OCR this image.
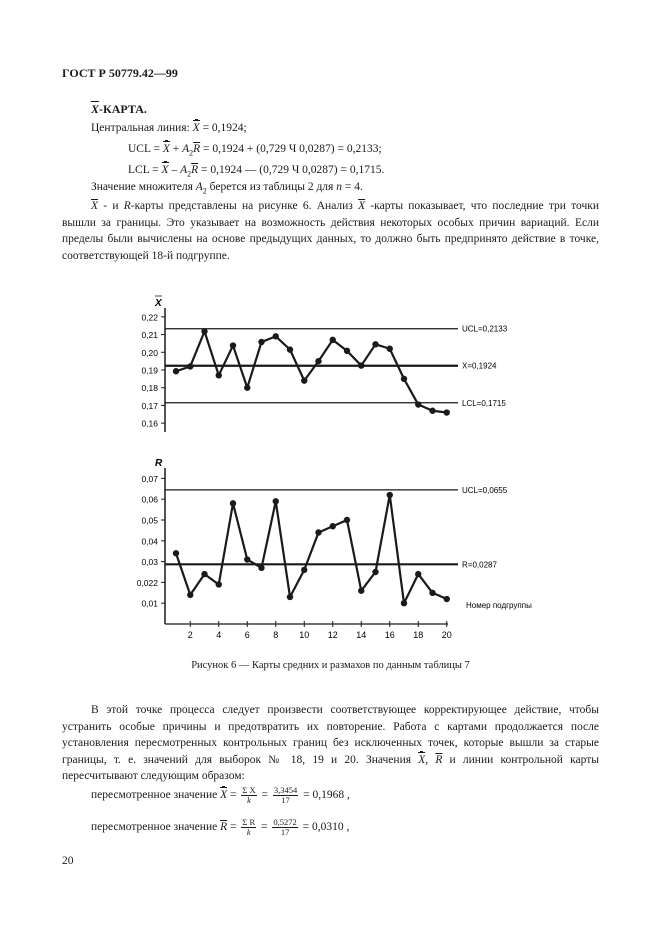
ГОСТ Р 50779.42—99
$\overline{X}$-КАРТА.
Центральная линия: X = 0,1924;
UCL = $X + A_2\overline{R} = 0,1924 + (0,729$ Ч 0,0287) = 0,2133;
LCL = $X - A_2\overline{R} = 0,1924$ — (0,729 Ч 0,0287) = 0,1715.
Значение множителя $A_2$ берется из таблицы 2 для n = 4.
$\overline{X}$ - и R-карты представлены на рисунке 6. Анализ $\overline{X}$ -карты показывает, что последние три точки вышли за границы. Это указывает на возможность действия некоторых особых причин вариаций. Если пределы были вычислены на основе предыдущих данных, то должно быть предпринято действие в точке, соответствующей 18-й подгруппе.
X
0,22
0,21
0,20
0,19
0,18
0,17
0,16
UCL=0,2133
X=0,1924
LCL=0,1715
R
0,07
0,06
0,05
0,04
0,03
0,022
0,01
UCL=0,0655
R=0,0287
2	4	6	8 10 12 14 16 18 20
Номер подгруппы
Рисунок 6 — Карты средних и размахов по данным таблицы 7
В этой точке процесса следует произвести соответствующее корректирующее действие, чтобы устранить особые причины и предотвратить их повторение. Работа с картами продолжается после установления пересмотренных контрольных границ без исключенных точек, которые вышли за старые границы, т. е. значений для выборок № 18, 19 и 20. Значения X, $\overline{R}$ и линии контрольной карты пересчитывают следующим образом:
пересмотренное значение $X = \frac{\text{Σ X}}{k} = \frac{3,3454}{17} = 0,1968$ ,
пересмотренное значение $\overline{R} = \frac{\text{Σ R}}{k} = \frac{0,5272}{17} = 0,0310$ ,
20
